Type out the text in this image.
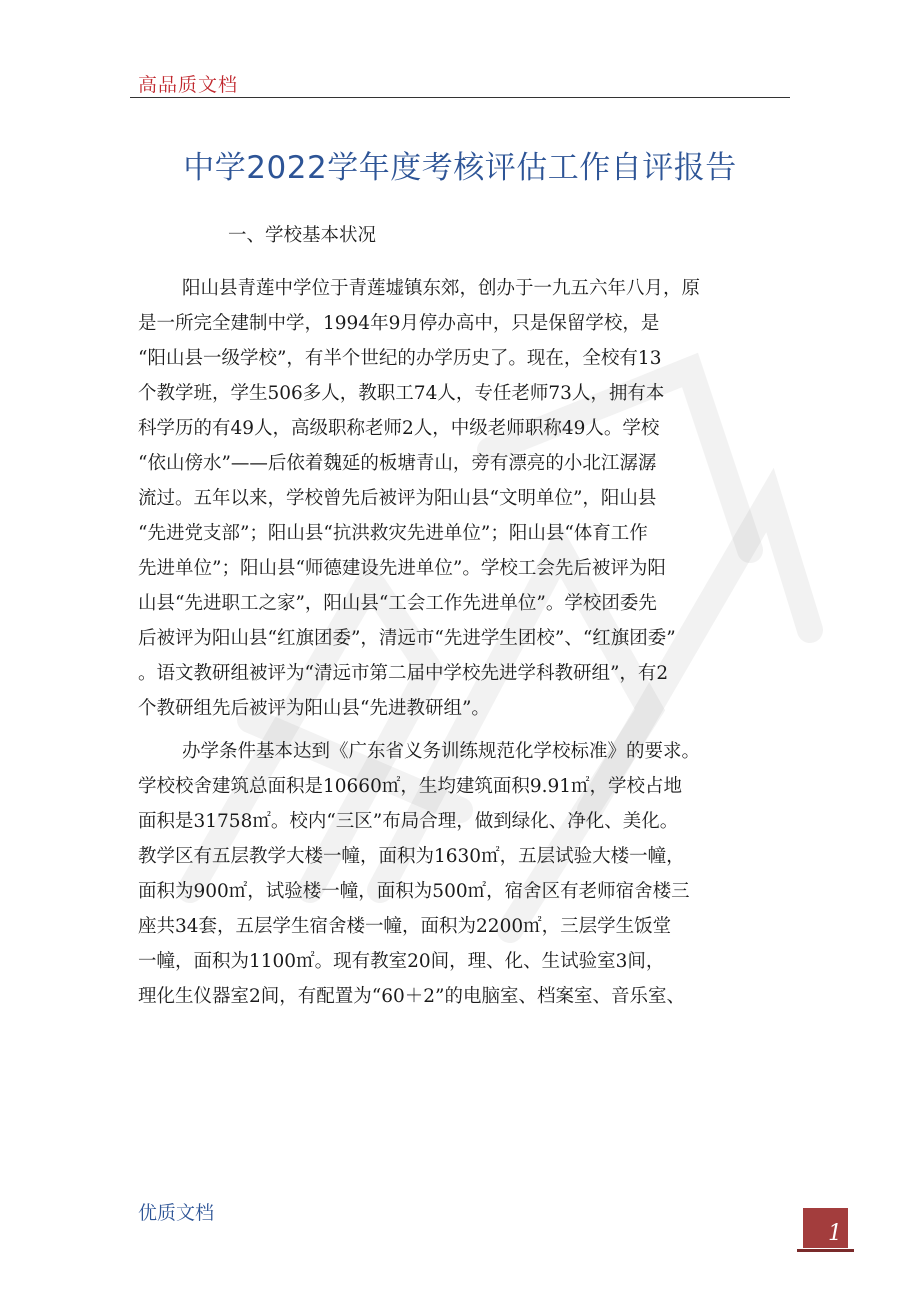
高品质文档
中学2022学年度考核评估工作自评报告
一、学校基本状况
阳山县青莲中学位于青莲墟镇东郊，创办于一九五六年八月，原
是一所完全建制中学，1994年9月停办高中，只是保留学校，是
“阳山县一级学校”，有半个世纪的办学历史了。现在，全校有13
个教学班，学生506多人，教职工74人，专任老师73人，拥有本
科学历的有49人，高级职称老师2人，中级老师职称49人。学校
“依山傍水”——后依着魏延的板塘青山，旁有漂亮的小北江潺潺
流过。五年以来，学校曾先后被评为阳山县“文明单位”，阳山县
“先进党支部”；阳山县“抗洪救灾先进单位”；阳山县“体育工作
先进单位”；阳山县“师德建设先进单位”。学校工会先后被评为阳
山县“先进职工之家”，阳山县“工会工作先进单位”。学校团委先
后被评为阳山县“红旗团委”，清远市“先进学生团校”、“红旗团委”
。语文教研组被评为“清远市第二届中学校先进学科教研组”，有2
个教研组先后被评为阳山县“先进教研组”。
办学条件基本达到《广东省义务训练规范化学校标准》的要求。
学校校舍建筑总面积是10660㎡，生均建筑面积9.91㎡，学校占地
面积是31758㎡。校内“三区”布局合理，做到绿化、净化、美化。
教学区有五层教学大楼一幢，面积为1630㎡，五层试验大楼一幢，
面积为900㎡，试验楼一幢，面积为500㎡，宿舍区有老师宿舍楼三
座共34套，五层学生宿舍楼一幢，面积为2200㎡，三层学生饭堂
一幢，面积为1100㎡。现有教室20间，理、化、生试验室3间，
理化生仪器室2间，有配置为“60＋2”的电脑室、档案室、音乐室、
优质文档
1
